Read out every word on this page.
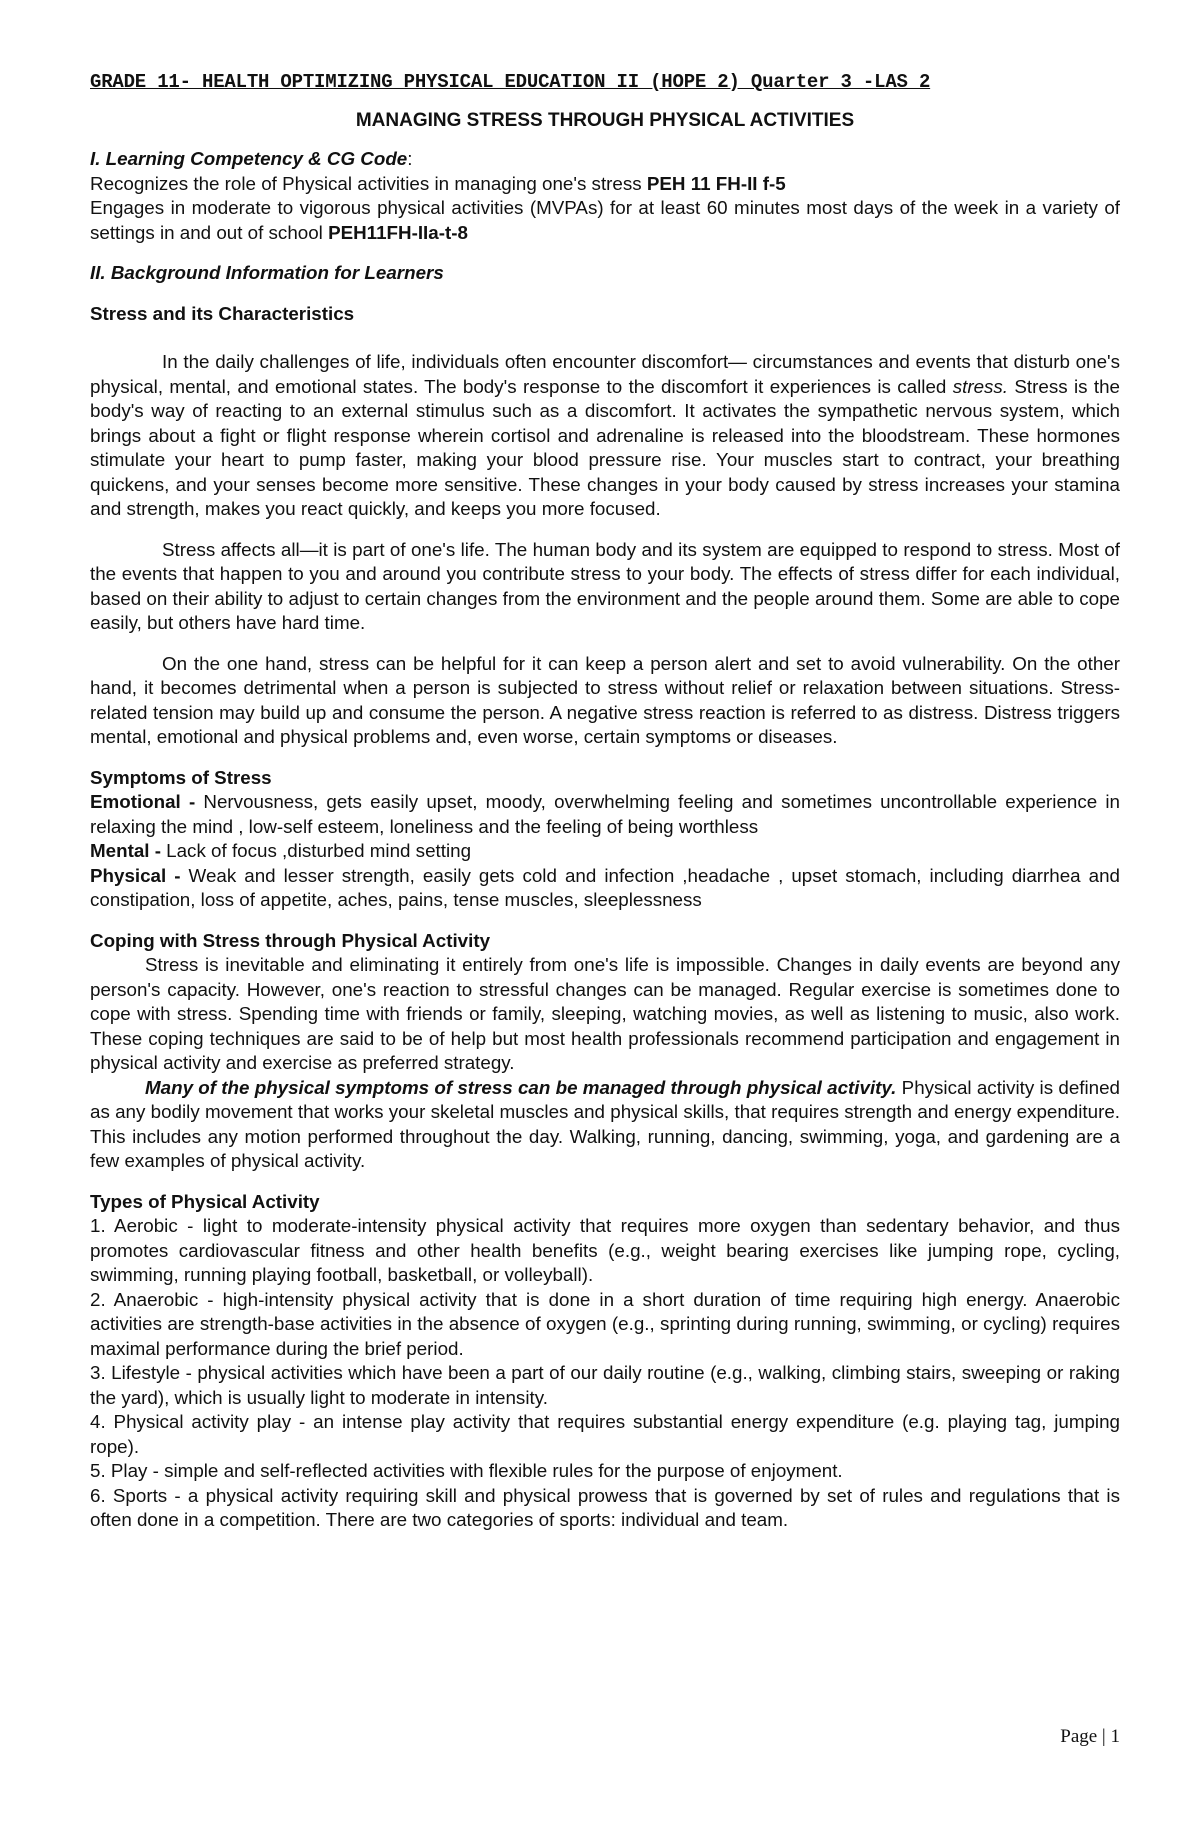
GRADE 11- HEALTH OPTIMIZING PHYSICAL EDUCATION II (HOPE 2) Quarter 3 -LAS 2

MANAGING STRESS THROUGH PHYSICAL ACTIVITIES

I. Learning Competency & CG Code:

Recognizes the role of Physical activities in managing one's stress PEH 11 FH-II f-5

Engages in moderate to vigorous physical activities (MVPAs) for at least 60 minutes most days of the week in a variety of settings in and out of school PEH11FH-IIa-t-8

II. Background Information for Learners

Stress and its Characteristics

In the daily challenges of life, individuals often encounter discomfort— circumstances and events that disturb one's physical, mental, and emotional states. The body's response to the discomfort it experiences is called stress. Stress is the body's way of reacting to an external stimulus such as a discomfort. It activates the sympathetic nervous system, which brings about a fight or flight response wherein cortisol and adrenaline is released into the bloodstream. These hormones stimulate your heart to pump faster, making your blood pressure rise. Your muscles start to contract, your breathing quickens, and your senses become more sensitive. These changes in your body caused by stress increases your stamina and strength, makes you react quickly, and keeps you more focused.

Stress affects all—it is part of one's life. The human body and its system are equipped to respond to stress. Most of the events that happen to you and around you contribute stress to your body. The effects of stress differ for each individual, based on their ability to adjust to certain changes from the environment and the people around them. Some are able to cope easily, but others have hard time.

On the one hand, stress can be helpful for it can keep a person alert and set to avoid vulnerability. On the other hand, it becomes detrimental when a person is subjected to stress without relief or relaxation between situations. Stress-related tension may build up and consume the person. A negative stress reaction is referred to as distress. Distress triggers mental, emotional and physical problems and, even worse, certain symptoms or diseases.

Symptoms of Stress

Emotional - Nervousness, gets easily upset, moody, overwhelming feeling and sometimes uncontrollable experience in relaxing the mind , low-self esteem, loneliness and the feeling of being worthless

Mental - Lack of focus ,disturbed mind setting

Physical - Weak and lesser strength, easily gets cold and infection ,headache , upset stomach, including diarrhea and constipation, loss of appetite, aches, pains, tense muscles, sleeplessness

Coping with Stress through Physical Activity

Stress is inevitable and eliminating it entirely from one's life is impossible. Changes in daily events are beyond any person's capacity. However, one's reaction to stressful changes can be managed. Regular exercise is sometimes done to cope with stress. Spending time with friends or family, sleeping, watching movies, as well as listening to music, also work. These coping techniques are said to be of help but most health professionals recommend participation and engagement in physical activity and exercise as preferred strategy.

Many of the physical symptoms of stress can be managed through physical activity. Physical activity is defined as any bodily movement that works your skeletal muscles and physical skills, that requires strength and energy expenditure. This includes any motion performed throughout the day. Walking, running, dancing, swimming, yoga, and gardening are a few examples of physical activity.

Types of Physical Activity

1. Aerobic - light to moderate-intensity physical activity that requires more oxygen than sedentary behavior, and thus promotes cardiovascular fitness and other health benefits (e.g., weight bearing exercises like jumping rope, cycling, swimming, running playing football, basketball, or volleyball).

2. Anaerobic - high-intensity physical activity that is done in a short duration of time requiring high energy. Anaerobic activities are strength-base activities in the absence of oxygen (e.g., sprinting during running, swimming, or cycling) requires maximal performance during the brief period.

3. Lifestyle - physical activities which have been a part of our daily routine (e.g., walking, climbing stairs, sweeping or raking the yard), which is usually light to moderate in intensity.

4. Physical activity play - an intense play activity that requires substantial energy expenditure (e.g. playing tag, jumping rope).

5. Play - simple and self-reflected activities with flexible rules for the purpose of enjoyment.

6. Sports - a physical activity requiring skill and physical prowess that is governed by set of rules and regulations that is often done in a competition. There are two categories of sports: individual and team.

Page | 1
